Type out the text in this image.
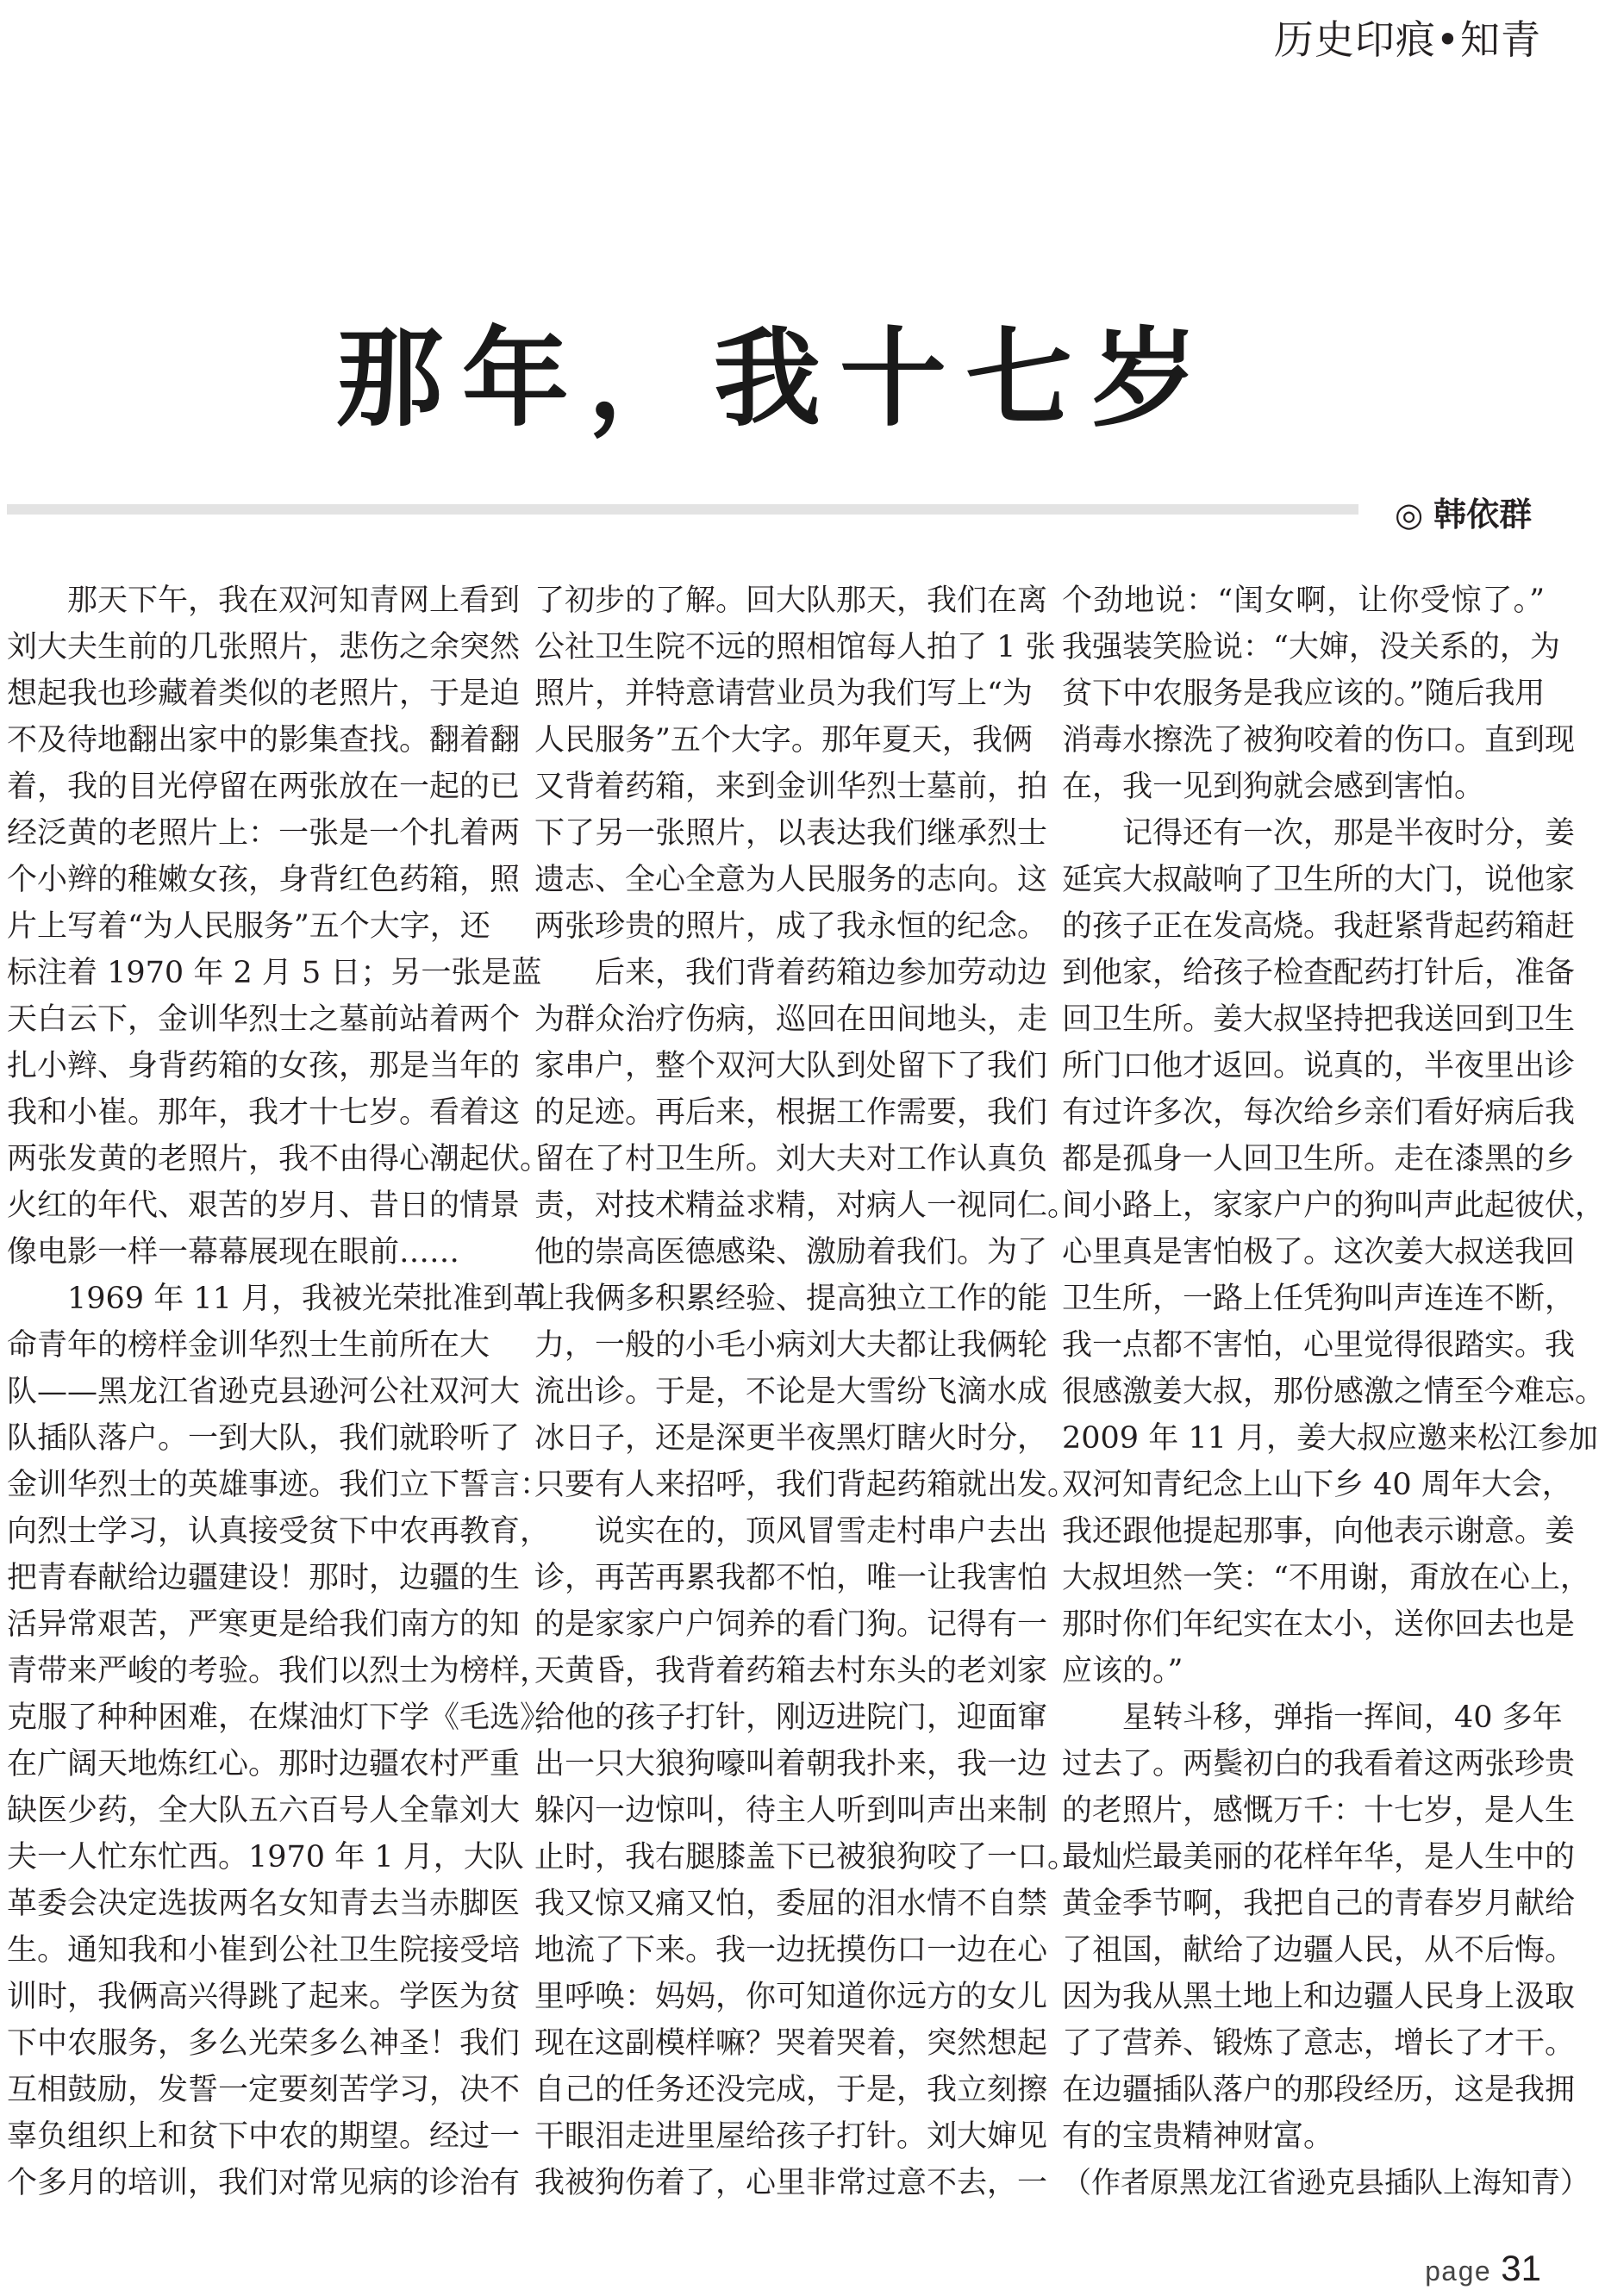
历史印痕•知青
那年，我十七岁
◎ 韩依群
　　那天下午，我在双河知青网上看到
刘大夫生前的几张照片，悲伤之余突然
想起我也珍藏着类似的老照片，于是迫
不及待地翻出家中的影集查找。翻着翻
着，我的目光停留在两张放在一起的已
经泛黄的老照片上：一张是一个扎着两
个小辫的稚嫩女孩，身背红色药箱，照
片上写着“为人民服务”五个大字，还
标注着 1970 年 2 月 5 日；另一张是蓝
天白云下，金训华烈士之墓前站着两个
扎小辫、身背药箱的女孩，那是当年的
我和小崔。那年，我才十七岁。看着这
两张发黄的老照片，我不由得心潮起伏。
火红的年代、艰苦的岁月、昔日的情景
像电影一样一幕幕展现在眼前……
　　1969 年 11 月，我被光荣批准到革
命青年的榜样金训华烈士生前所在大
队——黑龙江省逊克县逊河公社双河大
队插队落户。一到大队，我们就聆听了
金训华烈士的英雄事迹。我们立下誓言：
向烈士学习，认真接受贫下中农再教育，
把青春献给边疆建设！那时，边疆的生
活异常艰苦，严寒更是给我们南方的知
青带来严峻的考验。我们以烈士为榜样，
克服了种种困难，在煤油灯下学《毛选》，
在广阔天地炼红心。那时边疆农村严重
缺医少药，全大队五六百号人全靠刘大
夫一人忙东忙西。1970 年 1 月，大队
革委会决定选拔两名女知青去当赤脚医
生。通知我和小崔到公社卫生院接受培
训时，我俩高兴得跳了起来。学医为贫
下中农服务，多么光荣多么神圣！我们
互相鼓励，发誓一定要刻苦学习，决不
辜负组织上和贫下中农的期望。经过一
个多月的培训，我们对常见病的诊治有
了初步的了解。回大队那天，我们在离
公社卫生院不远的照相馆每人拍了 1 张
照片，并特意请营业员为我们写上“为
人民服务”五个大字。那年夏天，我俩
又背着药箱，来到金训华烈士墓前，拍
下了另一张照片，以表达我们继承烈士
遗志、全心全意为人民服务的志向。这
两张珍贵的照片，成了我永恒的纪念。
　　后来，我们背着药箱边参加劳动边
为群众治疗伤病，巡回在田间地头，走
家串户，整个双河大队到处留下了我们
的足迹。再后来，根据工作需要，我们
留在了村卫生所。刘大夫对工作认真负
责，对技术精益求精，对病人一视同仁。
他的崇高医德感染、激励着我们。为了
让我俩多积累经验、提高独立工作的能
力，一般的小毛小病刘大夫都让我俩轮
流出诊。于是，不论是大雪纷飞滴水成
冰日子，还是深更半夜黑灯瞎火时分，
只要有人来招呼，我们背起药箱就出发。
　　说实在的，顶风冒雪走村串户去出
诊，再苦再累我都不怕，唯一让我害怕
的是家家户户饲养的看门狗。记得有一
天黄昏，我背着药箱去村东头的老刘家
给他的孩子打针，刚迈进院门，迎面窜
出一只大狼狗嚎叫着朝我扑来，我一边
躲闪一边惊叫，待主人听到叫声出来制
止时，我右腿膝盖下已被狼狗咬了一口。
我又惊又痛又怕，委屈的泪水情不自禁
地流了下来。我一边抚摸伤口一边在心
里呼唤：妈妈，你可知道你远方的女儿
现在这副模样嘛？哭着哭着，突然想起
自己的任务还没完成，于是，我立刻擦
干眼泪走进里屋给孩子打针。刘大婶见
我被狗伤着了，心里非常过意不去，一
个劲地说：“闺女啊，让你受惊了。”
我强装笑脸说：“大婶，没关系的，为
贫下中农服务是我应该的。”随后我用
消毒水擦洗了被狗咬着的伤口。直到现
在，我一见到狗就会感到害怕。
　　记得还有一次，那是半夜时分，姜
延宾大叔敲响了卫生所的大门，说他家
的孩子正在发高烧。我赶紧背起药箱赶
到他家，给孩子检查配药打针后，准备
回卫生所。姜大叔坚持把我送回到卫生
所门口他才返回。说真的，半夜里出诊
有过许多次，每次给乡亲们看好病后我
都是孤身一人回卫生所。走在漆黑的乡
间小路上，家家户户的狗叫声此起彼伏，
心里真是害怕极了。这次姜大叔送我回
卫生所，一路上任凭狗叫声连连不断，
我一点都不害怕，心里觉得很踏实。我
很感激姜大叔，那份感激之情至今难忘。
2009 年 11 月，姜大叔应邀来松江参加
双河知青纪念上山下乡 40 周年大会，
我还跟他提起那事，向他表示谢意。姜
大叔坦然一笑：“不用谢，甭放在心上，
那时你们年纪实在太小，送你回去也是
应该的。”
　　星转斗移，弹指一挥间，40 多年
过去了。两鬓初白的我看着这两张珍贵
的老照片，感慨万千：十七岁，是人生
最灿烂最美丽的花样年华，是人生中的
黄金季节啊，我把自己的青春岁月献给
了祖国，献给了边疆人民，从不后悔。
因为我从黑土地上和边疆人民身上汲取
了了营养、锻炼了意志，增长了才干。
在边疆插队落户的那段经历，这是我拥
有的宝贵精神财富。
（作者原黑龙江省逊克县插队上海知青）
page 31
